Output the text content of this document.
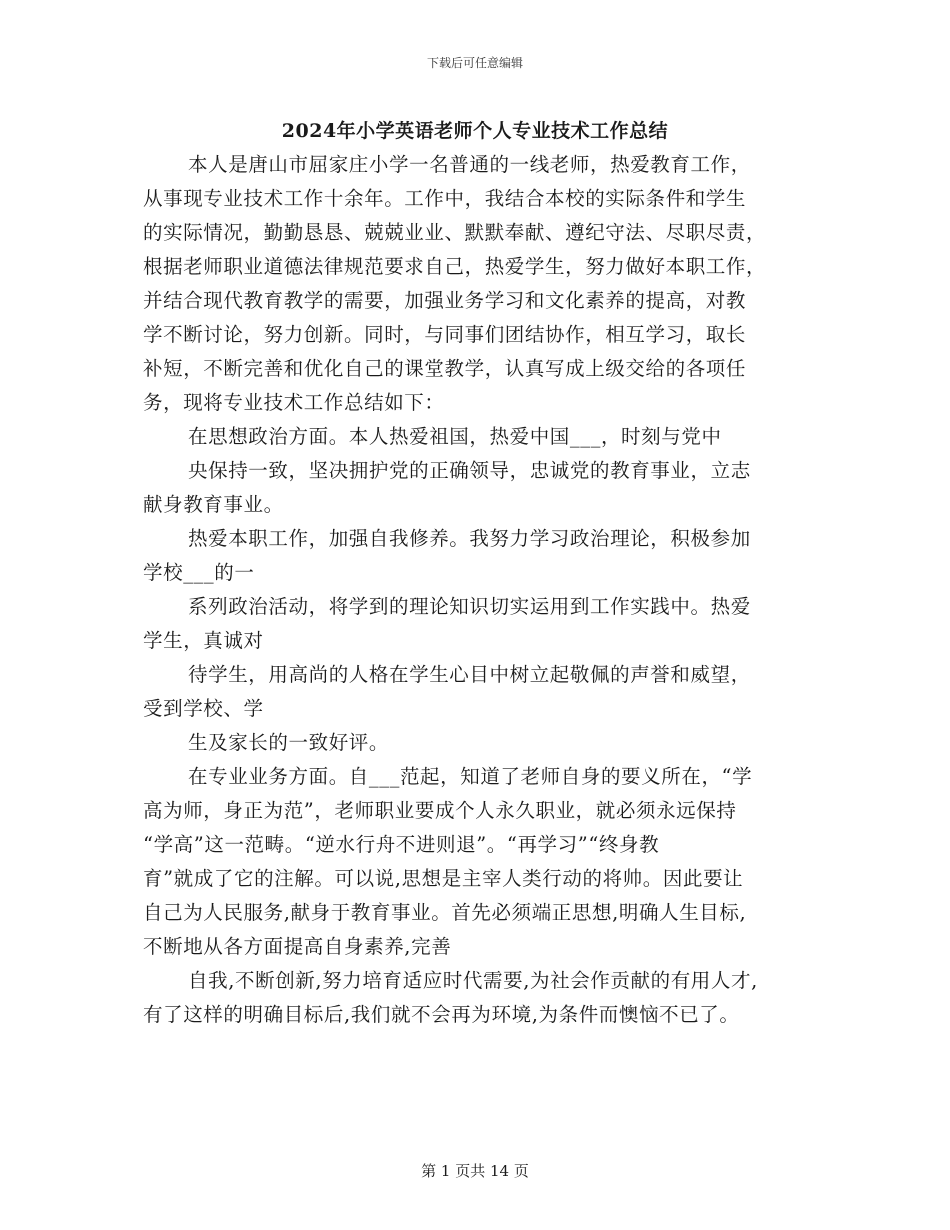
下载后可任意编辑
2024年小学英语老师个人专业技术工作总结
本人是唐山市屈家庄小学一名普通的一线老师，热爱教育工作，
从事现专业技术工作十余年。工作中，我结合本校的实际条件和学生
的实际情况，勤勤恳恳、兢兢业业、默默奉献、遵纪守法、尽职尽责，
根据老师职业道德法律规范要求自己，热爱学生，努力做好本职工作，
并结合现代教育教学的需要，加强业务学习和文化素养的提高，对教
学不断讨论，努力创新。同时，与同事们团结协作，相互学习，取长
补短，不断完善和优化自己的课堂教学，认真写成上级交给的各项任
务，现将专业技术工作总结如下：
在思想政治方面。本人热爱祖国，热爱中国___，时刻与党中
央保持一致，坚决拥护党的正确领导，忠诚党的教育事业，立志
献身教育事业。
热爱本职工作，加强自我修养。我努力学习政治理论，积极参加
学校___的一
系列政治活动，将学到的理论知识切实运用到工作实践中。热爱
学生，真诚对
待学生，用高尚的人格在学生心目中树立起敬佩的声誉和威望，
受到学校、学
生及家长的一致好评。
在专业业务方面。自___范起，知道了老师自身的要义所在，“学
高为师，身正为范”，老师职业要成个人永久职业，就必须永远保持
“学高”这一范畴。“逆水行舟不进则退”。“再学习”“终身教
育”就成了它的注解。可以说,思想是主宰人类行动的将帅。因此要让
自己为人民服务,献身于教育事业。首先必须端正思想,明确人生目标,
不断地从各方面提高自身素养,完善
自我,不断创新,努力培育适应时代需要,为社会作贡献的有用人才,
有了这样的明确目标后,我们就不会再为环境,为条件而懊恼不已了。
第 1 页共 14 页
